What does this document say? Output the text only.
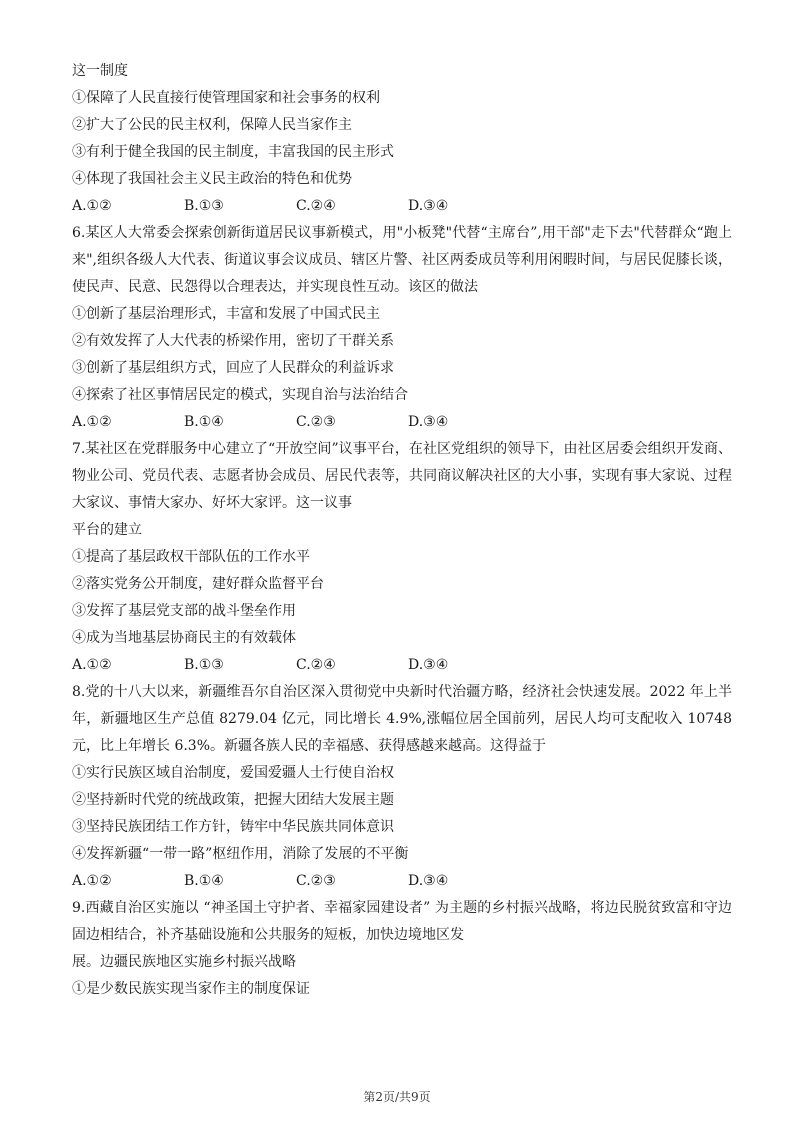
这一制度
①保障了人民直接行使管理国家和社会事务的权利
②扩大了公民的民主权利，保障人民当家作主
③有利于健全我国的民主制度，丰富我国的民主形式
④体现了我国社会主义民主政治的特色和优势
A.①②	B.①③	C.②④	D.③④
6.某区人大常委会探索创新街道居民议事新模式，用"小板凳"代替“主席台”,用干部"走下去"代替群众“跑上来",组织各级人大代表、街道议事会议成员、辖区片警、社区两委成员等利用闲暇时间，与居民促膝长谈，使民声、民意、民怨得以合理表达，并实现良性互动。该区的做法
①创新了基层治理形式，丰富和发展了中国式民主
②有效发挥了人大代表的桥梁作用，密切了干群关系
③创新了基层组织方式，回应了人民群众的利益诉求
④探索了社区事情居民定的模式，实现自治与法治结合
A.①②	B.①④	C.②③	D.③④
7.某社区在党群服务中心建立了“开放空间”议事平台，在社区党组织的领导下，由社区居委会组织开发商、物业公司、党员代表、志愿者协会成员、居民代表等，共同商议解决社区的大小事，实现有事大家说、过程大家议、事情大家办、好坏大家评。这一议事
平台的建立
①提高了基层政权干部队伍的工作水平
②落实党务公开制度，建好群众监督平台
③发挥了基层党支部的战斗堡垒作用
④成为当地基层协商民主的有效载体
A.①②	B.①③	C.②④	D.③④
8.党的十八大以来，新疆维吾尔自治区深入贯彻党中央新时代治疆方略，经济社会快速发展。2022 年上半年，新疆地区生产总值 8279.04 亿元，同比增长 4.9%,涨幅位居全国前列，居民人均可支配收入 10748 元，比上年增长 6.3%。新疆各族人民的幸福感、获得感越来越高。这得益于
①实行民族区域自治制度，爱国爱疆人士行使自治权
②坚持新时代党的统战政策，把握大团结大发展主题
③坚持民族团结工作方针，铸牢中华民族共同体意识
④发挥新疆“一带一路”枢纽作用，消除了发展的不平衡
A.①②	B.①④	C.②③	D.③④
9.西藏自治区实施以 “神圣国土守护者、幸福家园建设者” 为主题的乡村振兴战略，将边民脱贫致富和守边固边相结合，补齐基础设施和公共服务的短板，加快边境地区发
展。边疆民族地区实施乡村振兴战略
①是少数民族实现当家作主的制度保证
第2页/共9页
